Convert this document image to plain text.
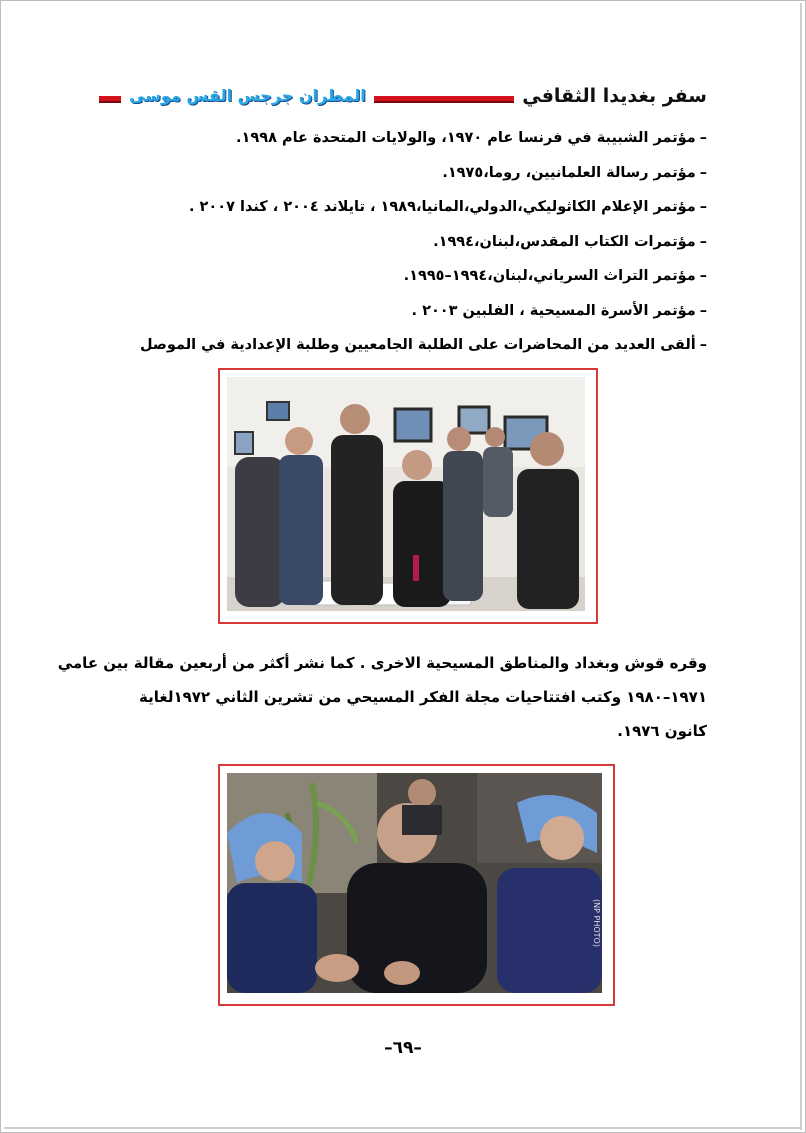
سفر بغديدا الثقافي
المطران جرجس القس موسى
–مؤتمر الشبيبة في فرنسا عام ١٩٧٠، والولايات المتحدة عام ١٩٩٨.
–مؤتمر رسالة العلمانيين، روما،١٩٧٥.
–مؤتمر الإعلام الكاثوليكي،الدولي،المانيا،١٩٨٩ ، تايلاند ٢٠٠٤ ، كندا ٢٠٠٧ .
–مؤتمرات الكتاب المقدس،لبنان،١٩٩٤.
–مؤتمر التراث السرياني،لبنان،١٩٩٤–١٩٩٥.
–مؤتمر الأسرة المسيحية ، الفلبين ٢٠٠٣ .
–ألقى العديد من المحاضرات على الطلبة الجامعيين وطلبة الإعدادية في الموصل

وقره قوش وبغداد والمناطق المسيحية الاخرى . كما نشر أكثر من أربعين مقالة بين عامي
١٩٧١–١٩٨٠ وكتب افتتاحيات مجلة الفكر المسيحي من تشرين الثاني ١٩٧٢لغاية
كانون ١٩٧٦.

(NP PHOTO)
–٦٩–
